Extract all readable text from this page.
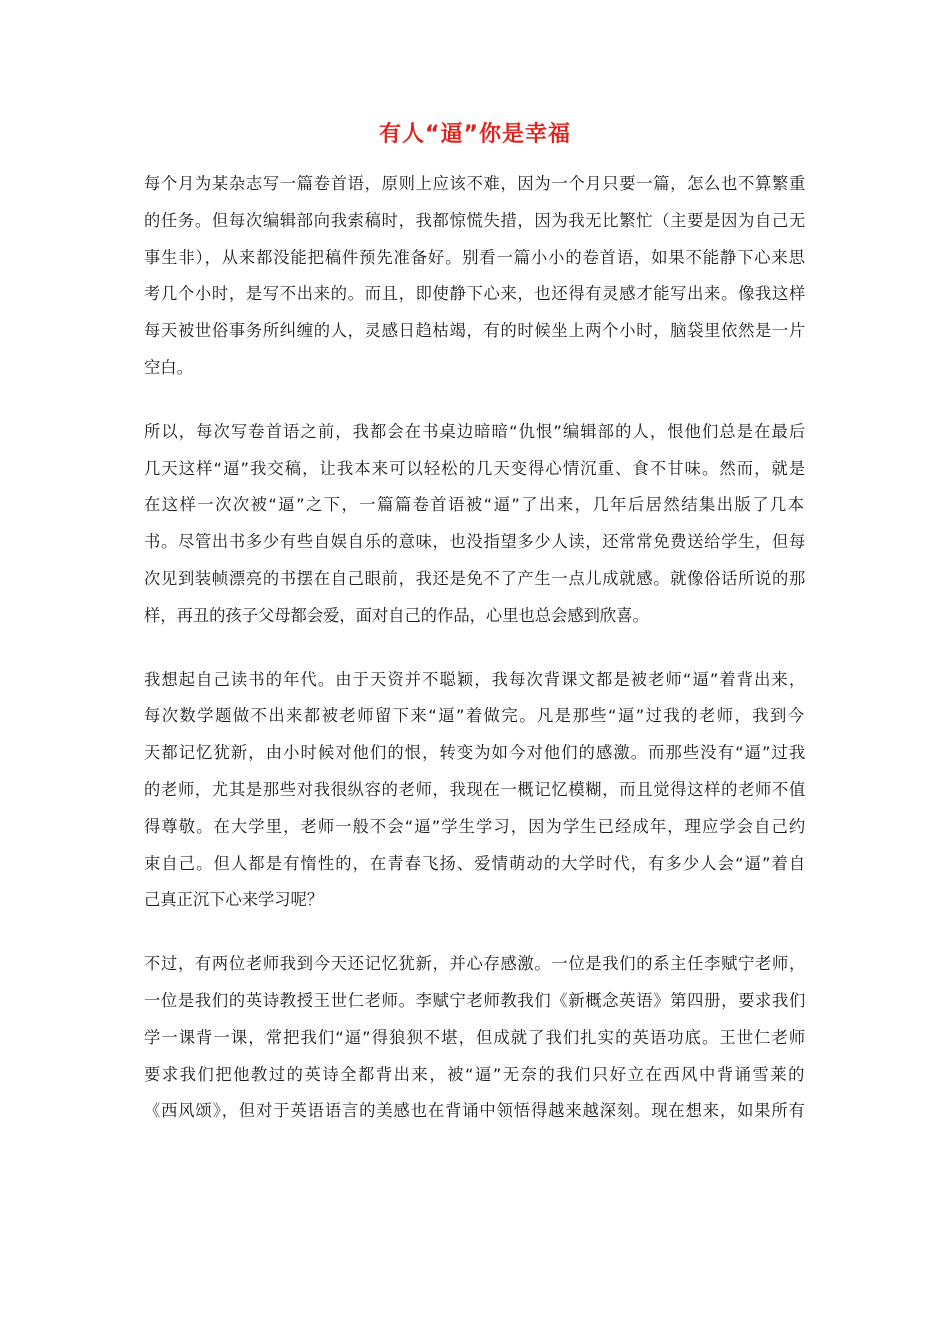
有人“逼”你是幸福
每个月为某杂志写一篇卷首语，原则上应该不难，因为一个月只要一篇，怎么也不算繁重
的任务。但每次编辑部向我索稿时，我都惊慌失措，因为我无比繁忙（主要是因为自己无
事生非），从来都没能把稿件预先准备好。别看一篇小小的卷首语，如果不能静下心来思
考几个小时，是写不出来的。而且，即使静下心来，也还得有灵感才能写出来。像我这样
每天被世俗事务所纠缠的人，灵感日趋枯竭，有的时候坐上两个小时，脑袋里依然是一片
空白。
所以，每次写卷首语之前，我都会在书桌边暗暗“仇恨”编辑部的人，恨他们总是在最后
几天这样“逼”我交稿，让我本来可以轻松的几天变得心情沉重、食不甘味。然而，就是
在这样一次次被“逼”之下，一篇篇卷首语被“逼”了出来，几年后居然结集出版了几本
书。尽管出书多少有些自娱自乐的意味，也没指望多少人读，还常常免费送给学生，但每
次见到装帧漂亮的书摆在自己眼前，我还是免不了产生一点儿成就感。就像俗话所说的那
样，再丑的孩子父母都会爱，面对自己的作品，心里也总会感到欣喜。
我想起自己读书的年代。由于天资并不聪颖，我每次背课文都是被老师“逼”着背出来，
每次数学题做不出来都被老师留下来“逼”着做完。凡是那些“逼”过我的老师，我到今
天都记忆犹新，由小时候对他们的恨，转变为如今对他们的感激。而那些没有“逼”过我
的老师，尤其是那些对我很纵容的老师，我现在一概记忆模糊，而且觉得这样的老师不值
得尊敬。在大学里，老师一般不会“逼”学生学习，因为学生已经成年，理应学会自己约
束自己。但人都是有惰性的，在青春飞扬、爱情萌动的大学时代，有多少人会“逼”着自
己真正沉下心来学习呢？
不过，有两位老师我到今天还记忆犹新，并心存感激。一位是我们的系主任李赋宁老师，
一位是我们的英诗教授王世仁老师。李赋宁老师教我们《新概念英语》第四册，要求我们
学一课背一课，常把我们“逼”得狼狈不堪，但成就了我们扎实的英语功底。王世仁老师
要求我们把他教过的英诗全都背出来，被“逼”无奈的我们只好立在西风中背诵雪莱的
《西风颂》，但对于英语语言的美感也在背诵中领悟得越来越深刻。现在想来，如果所有
